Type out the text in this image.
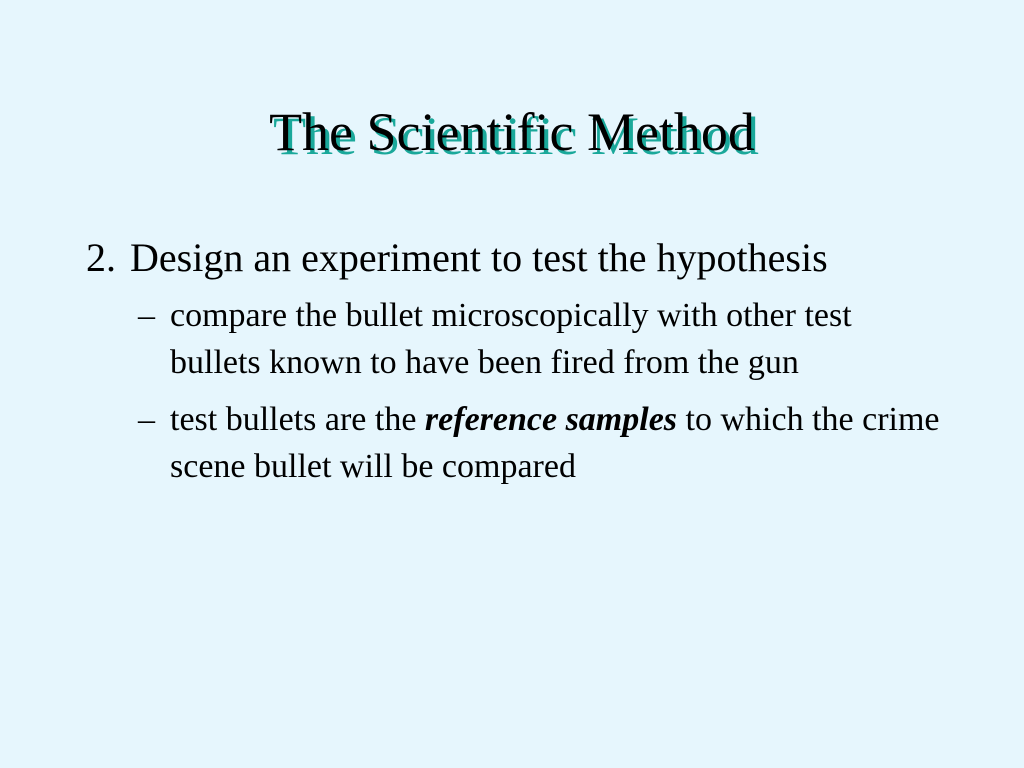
The Scientific Method

2. Design an experiment to test the hypothesis

– compare the bullet microscopically with other test bullets known to have been fired from the gun

– test bullets are the reference samples to which the crime scene bullet will be compared
